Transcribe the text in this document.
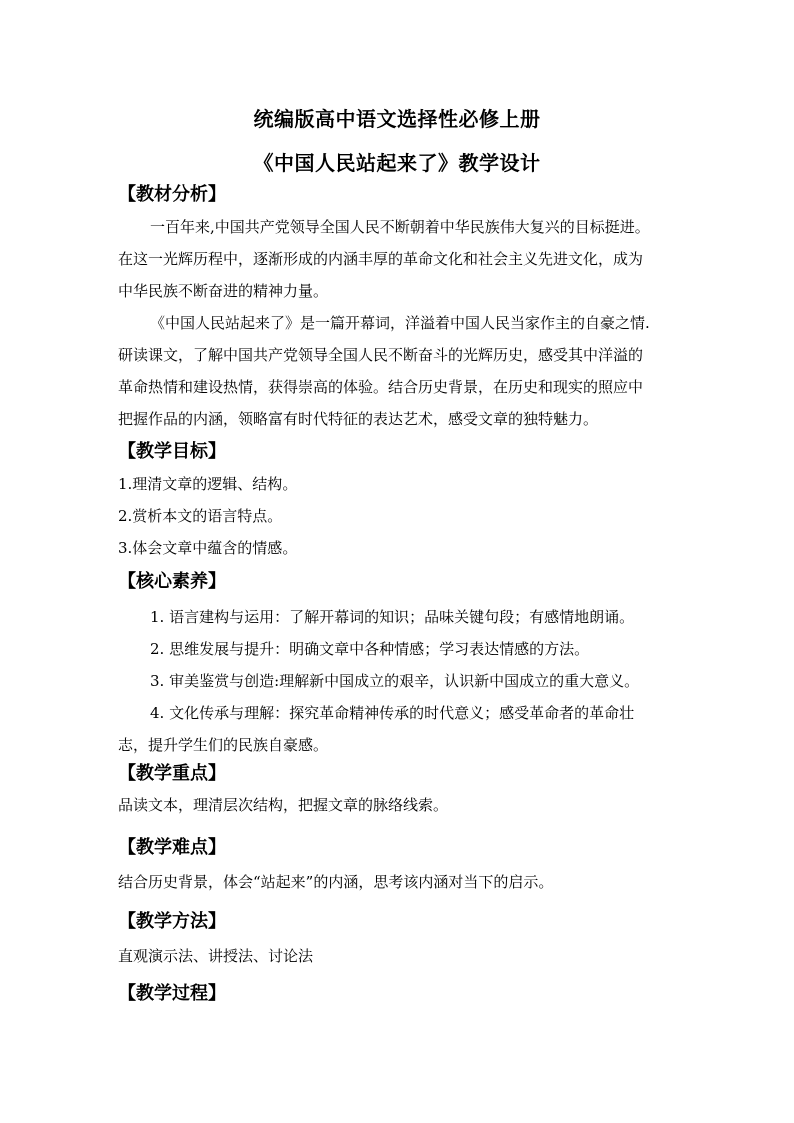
统编版高中语文选择性必修上册
《中国人民站起来了》教学设计
【教材分析】
一百年来,中国共产党领导全国人民不断朝着中华民族伟大复兴的目标挺进。
在这一光辉历程中，逐渐形成的内涵丰厚的革命文化和社会主义先进文化，成为
中华民族不断奋进的精神力量。
《中国人民站起来了》是一篇开幕词，洋溢着中国人民当家作主的自豪之情.
研读课文，了解中国共产党领导全国人民不断奋斗的光辉历史，感受其中洋溢的
革命热情和建设热情，获得崇高的体验。结合历史背景，在历史和现实的照应中
把握作品的内涵，领略富有时代特征的表达艺术，感受文章的独特魅力。
【教学目标】
1.理清文章的逻辑、结构。
2.赏析本文的语言特点。
3.体会文章中蕴含的情感。
【核心素养】
1. 语言建构与运用：了解开幕词的知识；品味关键句段；有感情地朗诵。
2. 思维发展与提升：明确文章中各种情感；学习表达情感的方法。
3. 审美鉴赏与创造:理解新中国成立的艰辛，认识新中国成立的重大意义。
4. 文化传承与理解：探究革命精神传承的时代意义；感受革命者的革命壮
志，提升学生们的民族自豪感。
【教学重点】
品读文本，理清层次结构，把握文章的脉络线索。
【教学难点】
结合历史背景，体会“站起来”的内涵，思考该内涵对当下的启示。
【教学方法】
直观演示法、讲授法、讨论法
【教学过程】
